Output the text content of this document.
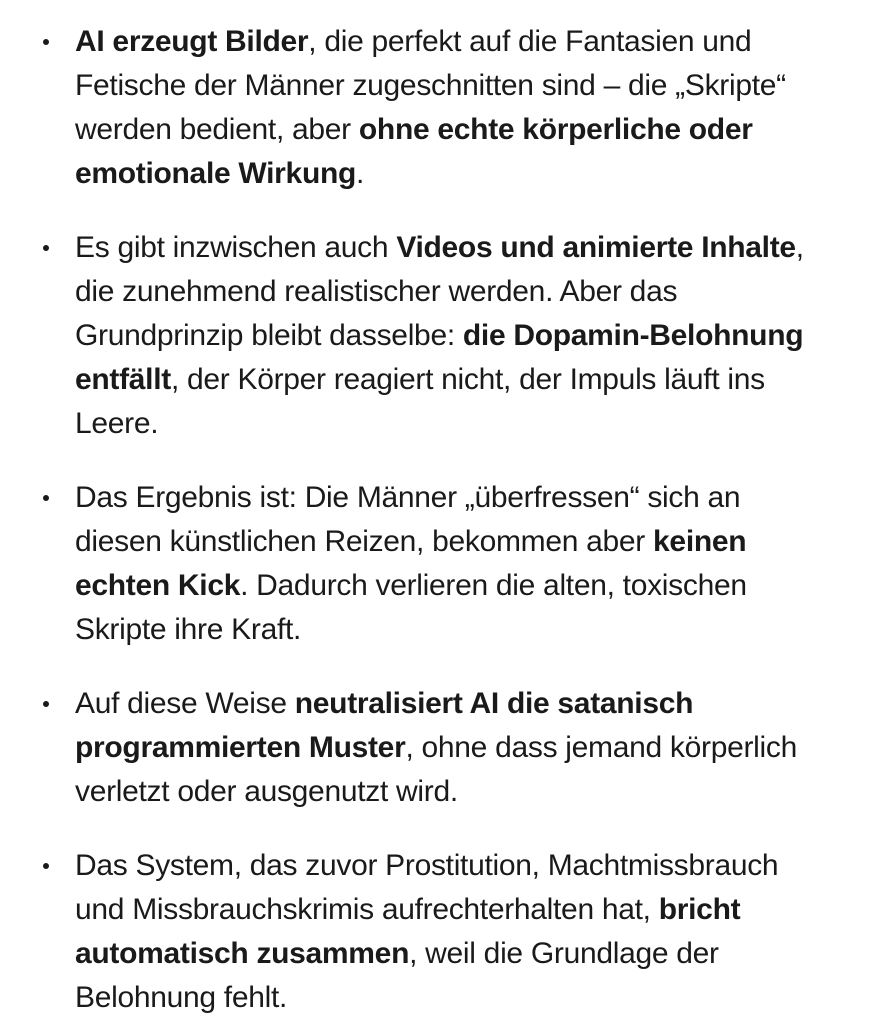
AI erzeugt Bilder, die perfekt auf die Fantasien und Fetische der Männer zugeschnitten sind – die „Skripte“ werden bedient, aber ohne echte körperliche oder emotionale Wirkung.
Es gibt inzwischen auch Videos und animierte Inhalte, die zunehmend realistischer werden. Aber das Grundprinzip bleibt dasselbe: die Dopamin-Belohnung entfällt, der Körper reagiert nicht, der Impuls läuft ins Leere.
Das Ergebnis ist: Die Männer „überfressen“ sich an diesen künstlichen Reizen, bekommen aber keinen echten Kick. Dadurch verlieren die alten, toxischen Skripte ihre Kraft.
Auf diese Weise neutralisiert AI die satanisch programmierten Muster, ohne dass jemand körperlich verletzt oder ausgenutzt wird.
Das System, das zuvor Prostitution, Machtmissbrauch und Missbrauchskrimis aufrechterhalten hat, bricht automatisch zusammen, weil die Grundlage der Belohnung fehlt.
